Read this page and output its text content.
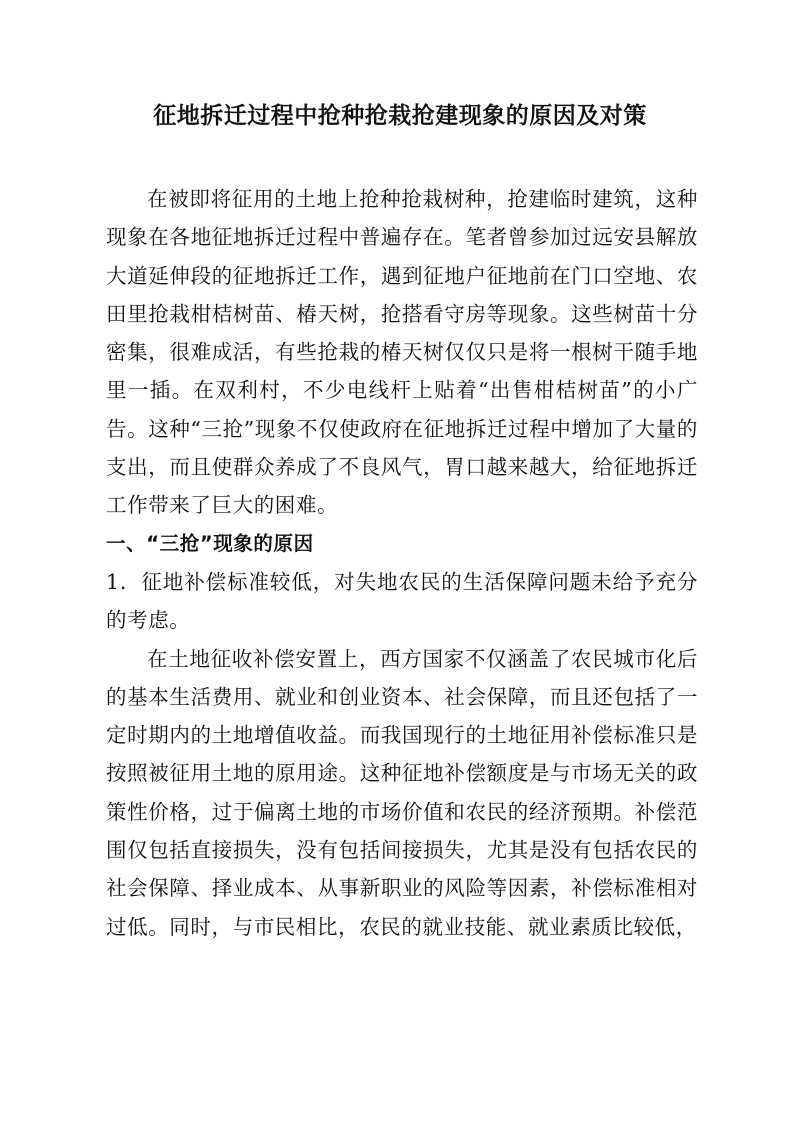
征地拆迁过程中抢种抢栽抢建现象的原因及对策

在被即将征用的土地上抢种抢栽树种，抢建临时建筑，这种现象在各地征地拆迁过程中普遍存在。笔者曾参加过远安县解放大道延伸段的征地拆迁工作，遇到征地户征地前在门口空地、农田里抢栽柑桔树苗、椿天树，抢搭看守房等现象。这些树苗十分密集，很难成活，有些抢栽的椿天树仅仅只是将一根树干随手地里一插。在双利村，不少电线杆上贴着“出售柑桔树苗”的小广告。这种“三抢”现象不仅使政府在征地拆迁过程中增加了大量的支出，而且使群众养成了不良风气，胃口越来越大，给征地拆迁工作带来了巨大的困难。

一、“三抢”现象的原因

1．征地补偿标准较低，对失地农民的生活保障问题未给予充分的考虑。

在土地征收补偿安置上，西方国家不仅涵盖了农民城市化后的基本生活费用、就业和创业资本、社会保障，而且还包括了一定时期内的土地增值收益。而我国现行的土地征用补偿标准只是按照被征用土地的原用途。这种征地补偿额度是与市场无关的政策性价格，过于偏离土地的市场价值和农民的经济预期。补偿范围仅包括直接损失，没有包括间接损失，尤其是没有包括农民的社会保障、择业成本、从事新职业的风险等因素，补偿标准相对过低。同时，与市民相比，农民的就业技能、就业素质比较低，
